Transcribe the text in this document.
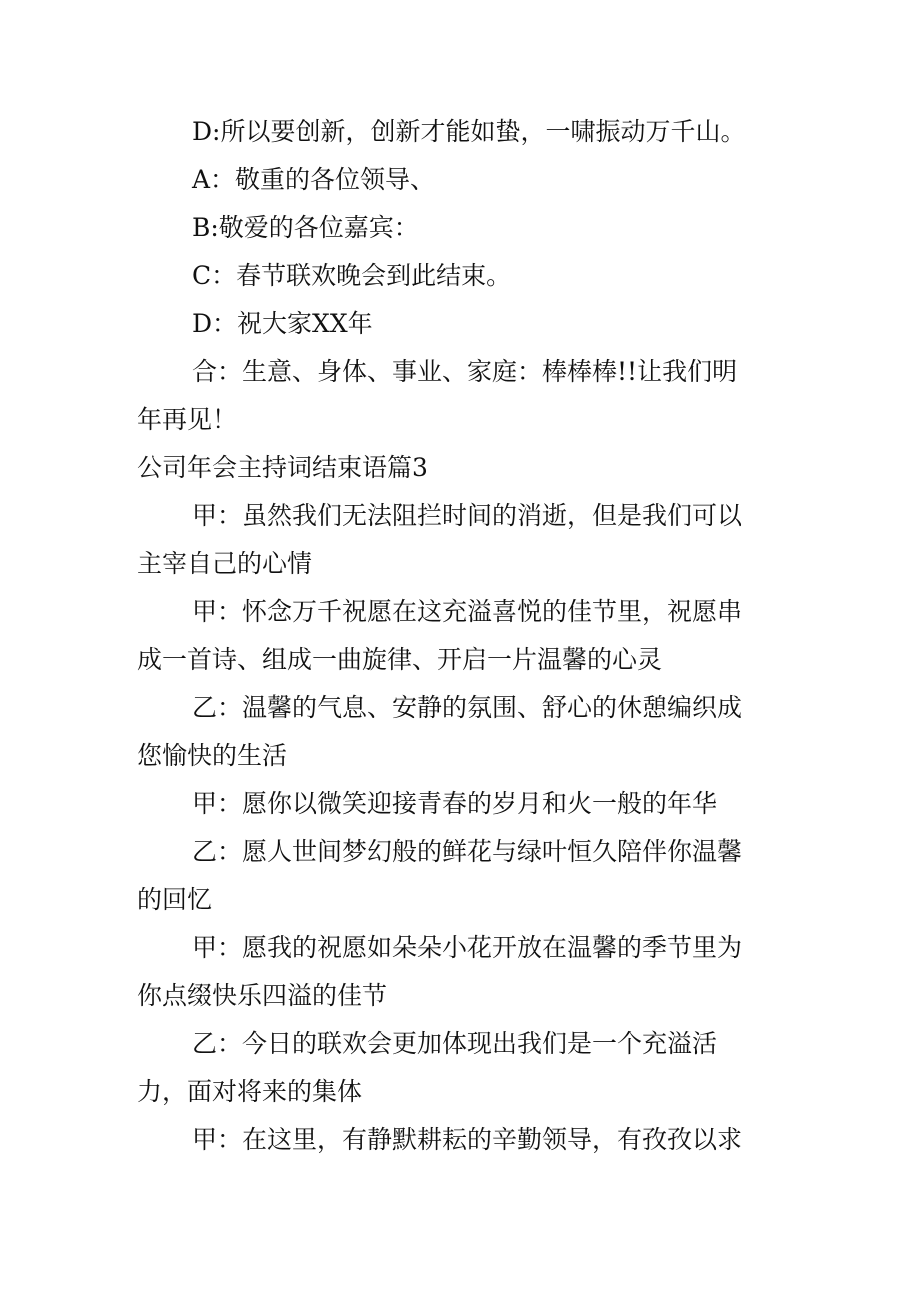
D:所以要创新，创新才能如蛰，一啸振动万千山。
A：敬重的各位领导、
B:敬爱的各位嘉宾：
C：春节联欢晚会到此结束。
D：祝大家XX年
合：生意、身体、事业、家庭：棒棒棒!!让我们明
年再见！
公司年会主持词结束语篇3
甲：虽然我们无法阻拦时间的消逝，但是我们可以
主宰自己的心情
甲：怀念万千祝愿在这充溢喜悦的佳节里，祝愿串
成一首诗、组成一曲旋律、开启一片温馨的心灵
乙：温馨的气息、安静的氛围、舒心的休憩编织成
您愉快的生活
甲：愿你以微笑迎接青春的岁月和火一般的年华
乙：愿人世间梦幻般的鲜花与绿叶恒久陪伴你温馨
的回忆
甲：愿我的祝愿如朵朵小花开放在温馨的季节里为
你点缀快乐四溢的佳节
乙：今日的联欢会更加体现出我们是一个充溢活
力，面对将来的集体
甲：在这里，有静默耕耘的辛勤领导，有孜孜以求
